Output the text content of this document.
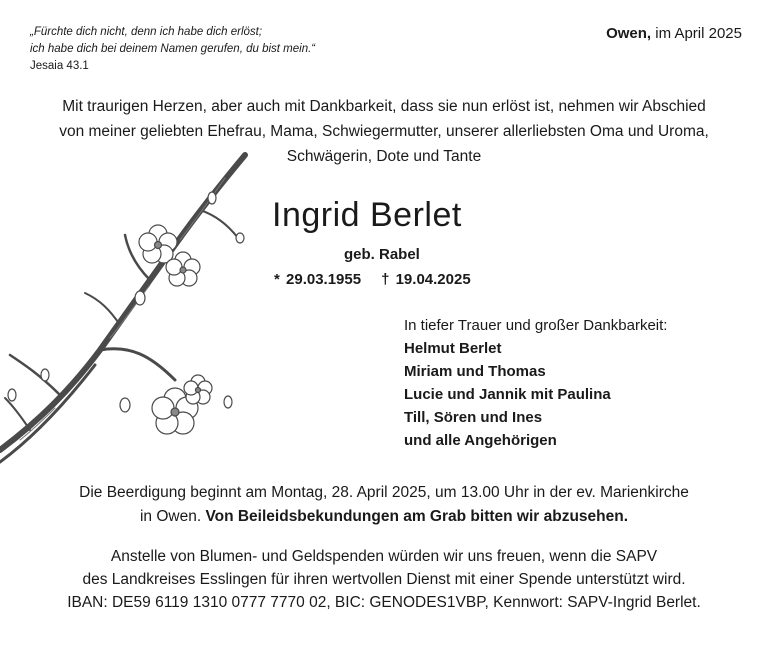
„Fürchte dich nicht, denn ich habe dich erlöst;
ich habe dich bei deinem Namen gerufen, du bist mein.“
Jesaia 43.1
Owen, im April 2025
Mit traurigen Herzen, aber auch mit Dankbarkeit, dass sie nun erlöst ist, nehmen wir Abschied
von meiner geliebten Ehefrau, Mama, Schwiegermutter, unserer allerliebsten Oma und Uroma,
Schwägerin, Dote und Tante
Ingrid Berlet
geb. Rabel
* 29.03.1955 † 19.04.2025
In tiefer Trauer und großer Dankbarkeit:
Helmut Berlet
Miriam und Thomas
Lucie und Jannik mit Paulina
Till, Sören und Ines
und alle Angehörigen
Die Beerdigung beginnt am Montag, 28. April 2025, um 13.00 Uhr in der ev. Marienkirche
in Owen. Von Beileidsbekundungen am Grab bitten wir abzusehen.
Anstelle von Blumen- und Geldspenden würden wir uns freuen, wenn die SAPV
des Landkreises Esslingen für ihren wertvollen Dienst mit einer Spende unterstützt wird.
IBAN: DE59 6119 1310 0777 7770 02, BIC: GENODES1VBP, Kennwort: SAPV-Ingrid Berlet.
